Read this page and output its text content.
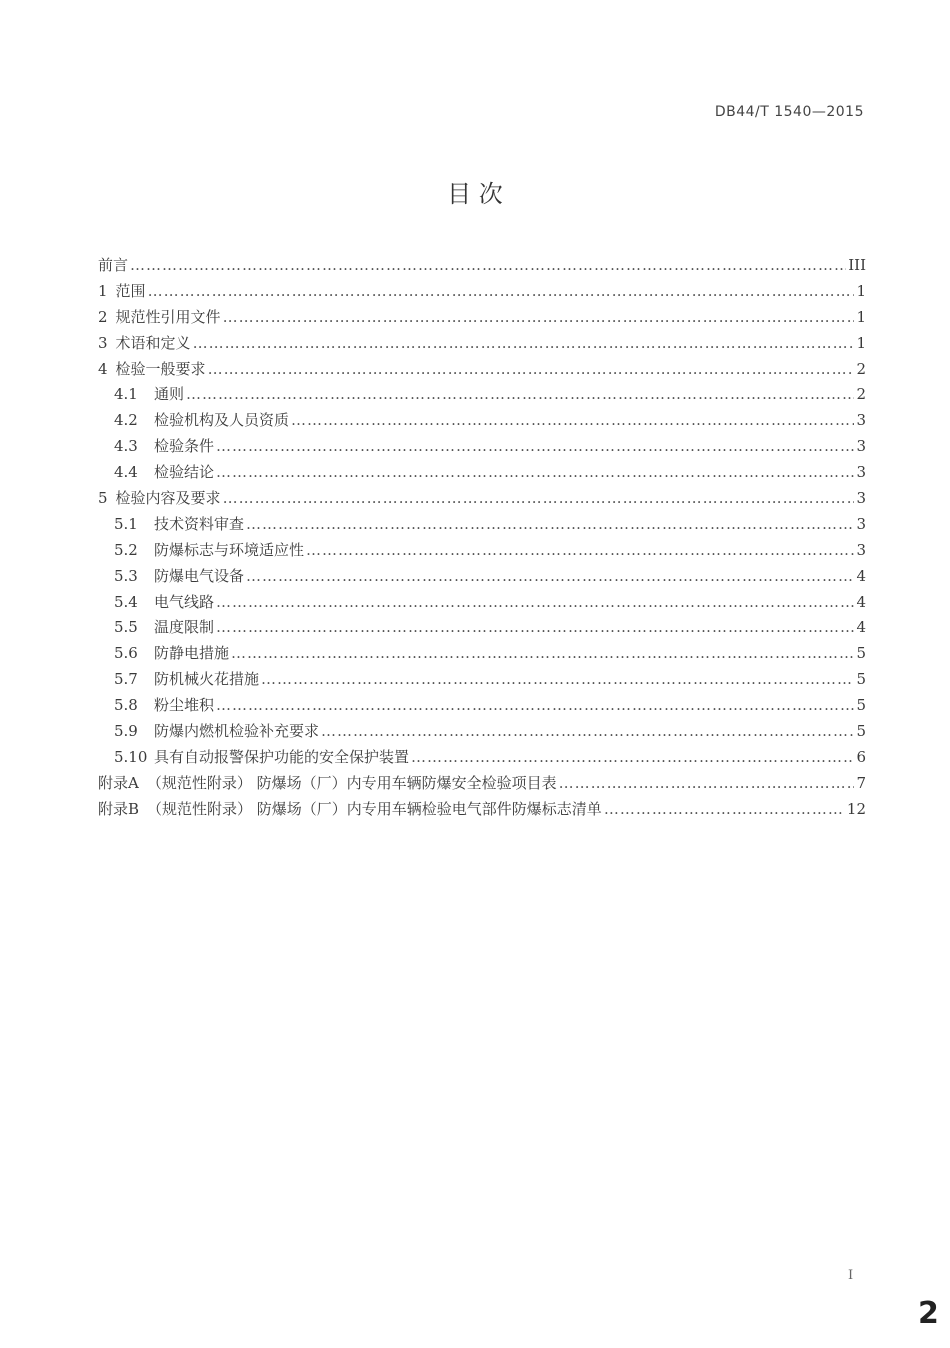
DB44/T 1540—2015
目 次
前言 ……………………………………………………………………………………………………………………………………………………………………………………	III
1 范围 ……………………………………………………………………………………………………………………………………………………………………………………	1
2 规范性引用文件 ……………………………………………………………………………………………………………………………………………………………………………………	1
3 术语和定义 ……………………………………………………………………………………………………………………………………………………………………………………	1
4 检验一般要求 ……………………………………………………………………………………………………………………………………………………………………………………	2
4.1	通则 ……………………………………………………………………………………………………………………………………………………………………………………	2
4.2	检验机构及人员资质 ……………………………………………………………………………………………………………………………………………………………………………………	3
4.3	检验条件 ……………………………………………………………………………………………………………………………………………………………………………………	3
4.4	检验结论 ……………………………………………………………………………………………………………………………………………………………………………………	3
5 检验内容及要求 ……………………………………………………………………………………………………………………………………………………………………………………	3
5.1	技术资料审查 ……………………………………………………………………………………………………………………………………………………………………………………	3
5.2	防爆标志与环境适应性 ……………………………………………………………………………………………………………………………………………………………………………………	3
5.3	防爆电气设备 ……………………………………………………………………………………………………………………………………………………………………………………	4
5.4	电气线路 ……………………………………………………………………………………………………………………………………………………………………………………	4
5.5	温度限制 ……………………………………………………………………………………………………………………………………………………………………………………	4
5.6	防静电措施 ……………………………………………………………………………………………………………………………………………………………………………………	5
5.7	防机械火花措施 ……………………………………………………………………………………………………………………………………………………………………………………	5
5.8	粉尘堆积 ……………………………………………………………………………………………………………………………………………………………………………………	5
5.9	防爆内燃机检验补充要求 ……………………………………………………………………………………………………………………………………………………………………………………	5
5.10 具有自动报警保护功能的安全保护装置 ……………………………………………………………………………………………………………………………………………………………………………………	6
附录A （规范性附录） 防爆场（厂）内专用车辆防爆安全检验项目表 ……………………………………………………………………………………………………………………………………………………………………………………	7
附录B （规范性附录） 防爆场（厂）内专用车辆检验电气部件防爆标志清单 ……………………………………………………………………………………………………………………………………………………………………………………	12
I
2
